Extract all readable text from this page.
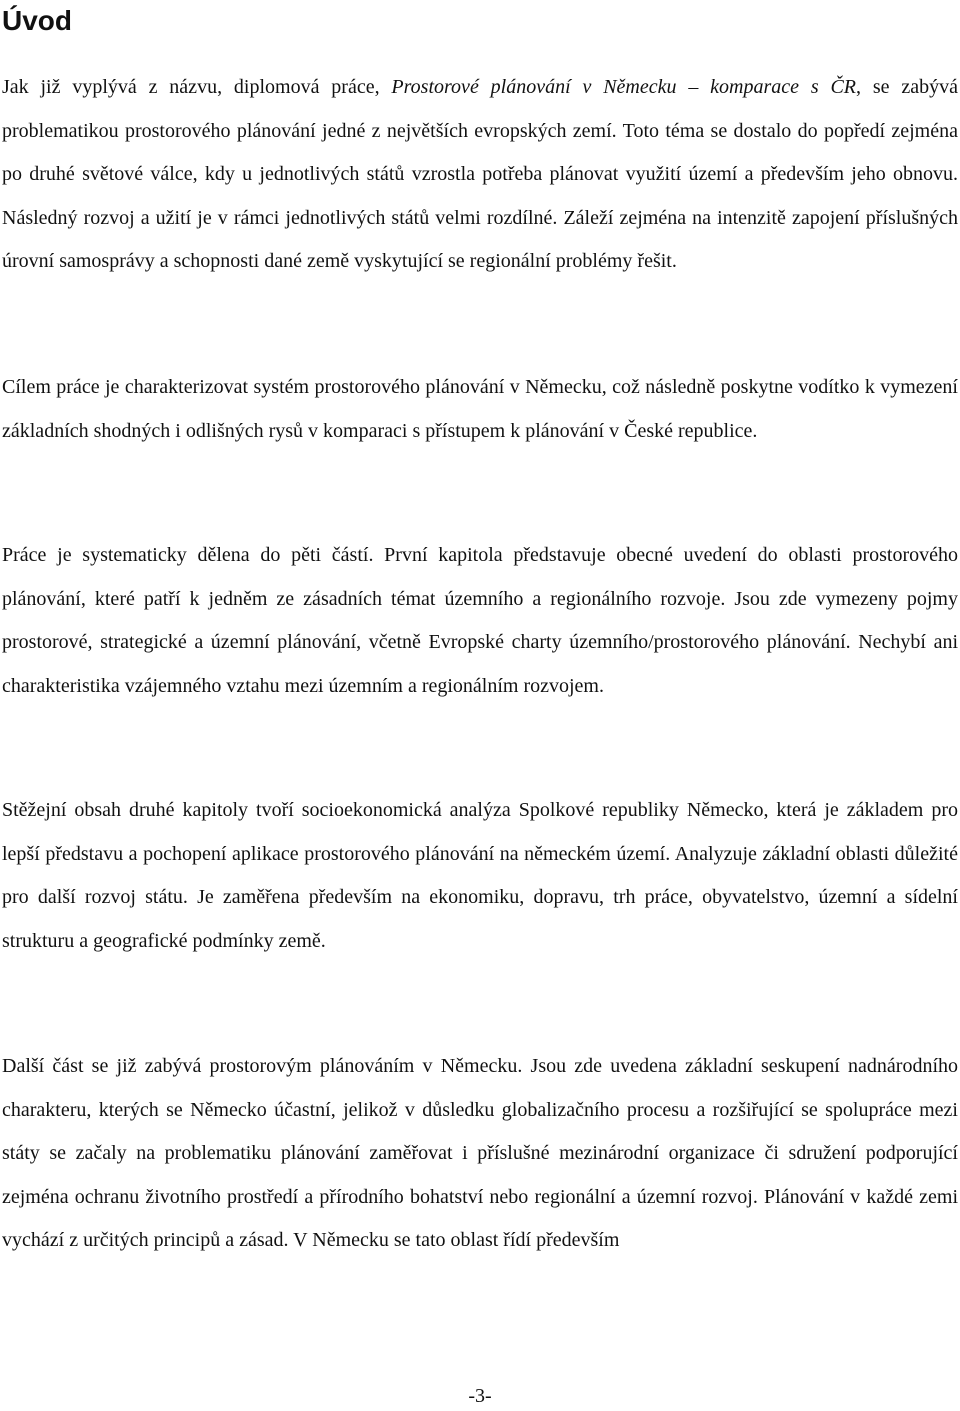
Úvod

Jak již vyplývá z názvu, diplomová práce, Prostorové plánování v Německu – komparace s ČR, se zabývá problematikou prostorového plánování jedné z největších evropských zemí. Toto téma se dostalo do popředí zejména po druhé světové válce, kdy u jednotlivých států vzrostla potřeba plánovat využití území a především jeho obnovu. Následný rozvoj a užití je v rámci jednotlivých států velmi rozdílné. Záleží zejména na intenzitě zapojení příslušných úrovní samosprávy a schopnosti dané země vyskytující se regionální problémy řešit.

Cílem práce je charakterizovat systém prostorového plánování v Německu, což následně poskytne vodítko k vymezení základních shodných i odlišných rysů v komparaci s přístupem k plánování v České republice.

Práce je systematicky dělena do pěti částí. První kapitola představuje obecné uvedení do oblasti prostorového plánování, které patří k jedněm ze zásadních témat územního a regionálního rozvoje. Jsou zde vymezeny pojmy prostorové, strategické a územní plánování, včetně Evropské charty územního/prostorového plánování. Nechybí ani charakteristika vzájemného vztahu mezi územním a regionálním rozvojem.

Stěžejní obsah druhé kapitoly tvoří socioekonomická analýza Spolkové republiky Německo, která je základem pro lepší představu a pochopení aplikace prostorového plánování na německém území. Analyzuje základní oblasti důležité pro další rozvoj státu. Je zaměřena především na ekonomiku, dopravu, trh práce, obyvatelstvo, územní a sídelní strukturu a geografické podmínky země.

Další část se již zabývá prostorovým plánováním v Německu. Jsou zde uvedena základní seskupení nadnárodního charakteru, kterých se Německo účastní, jelikož v důsledku globalizačního procesu a rozšiřující se spolupráce mezi státy se začaly na problematiku plánování zaměřovat i příslušné mezinárodní organizace či sdružení podporující zejména ochranu životního prostředí a přírodního bohatství nebo regionální a územní rozvoj. Plánování v každé zemi vychází z určitých principů a zásad. V Německu se tato oblast řídí především

-3-
